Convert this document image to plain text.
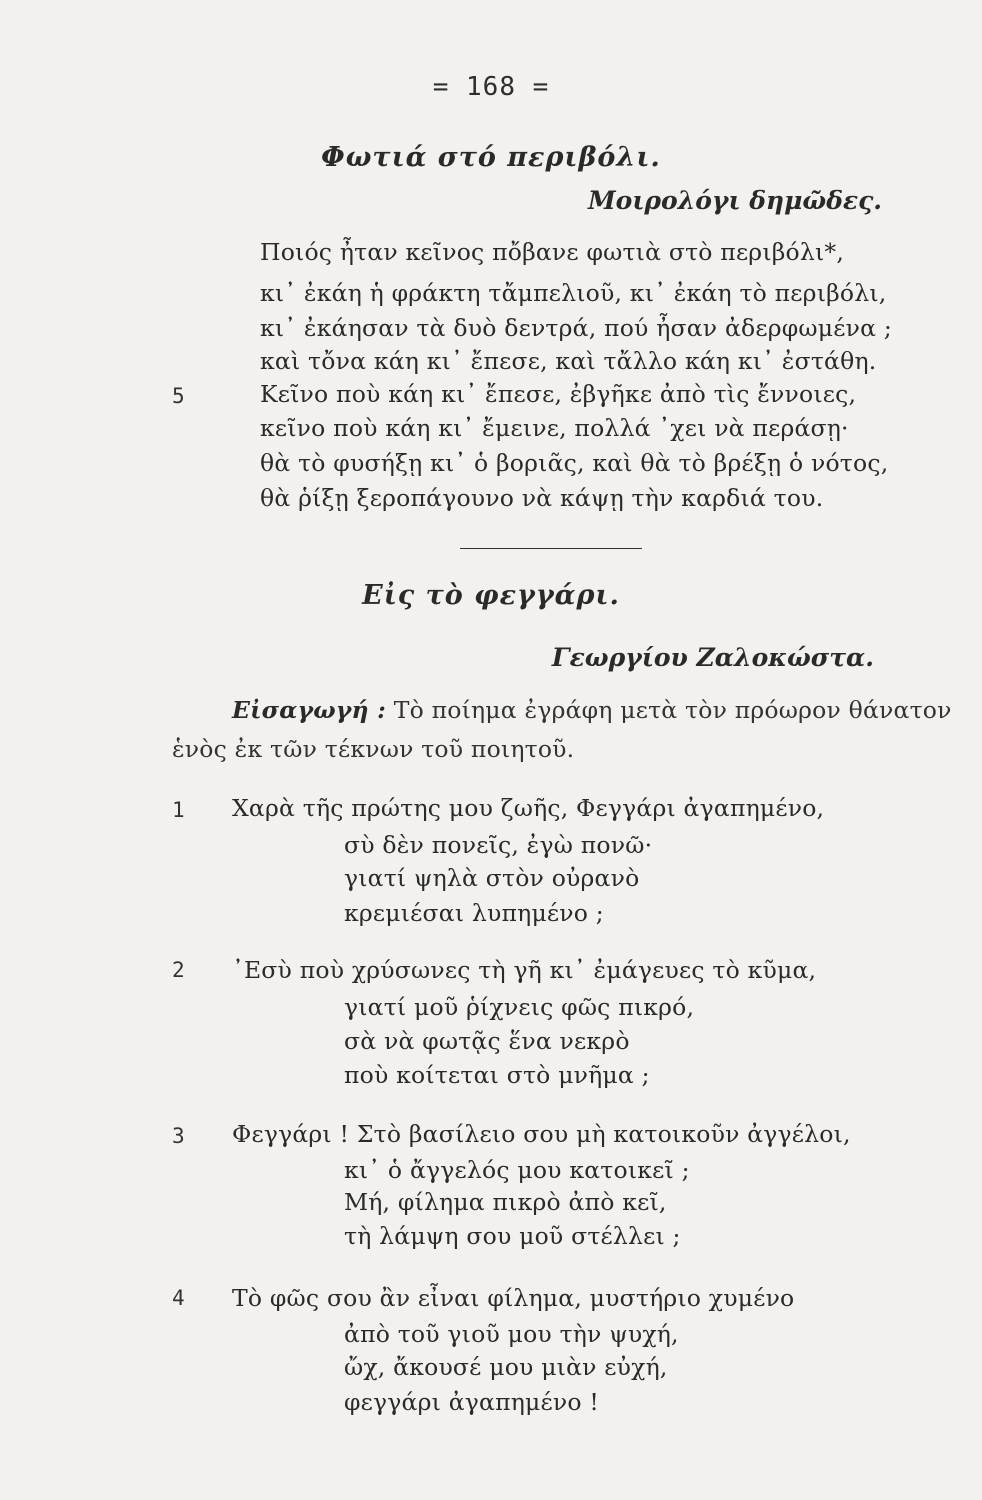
= 168 =
Φωτιά στό περιβόλι.
Μοιρολόγι δημῶδες.
Ποιός ἦταν κεῖνος πὄβανε φωτιὰ στὸ περιβόλι*,
κι᾿ ἐκάη ἡ φράκτη τἄμπελιοῦ, κι᾿ ἐκάη τὸ περιβόλι,
κι᾿ ἐκάησαν τὰ δυὸ δεντρά, πού ἦσαν ἀδερφωμένα ;
καὶ τὄνα κάη κι᾿ ἔπεσε, καὶ τἄλλο κάη κι᾿ ἐστάθη.
5	Κεῖνο ποὺ κάη κι᾿ ἔπεσε, ἐβγῆκε ἀπὸ τὶς ἔννοιες,
κεῖνο ποὺ κάη κι᾿ ἔμεινε, πολλά ᾿χει νὰ περάσῃ·
θὰ τὸ φυσήξῃ κι᾿ ὁ βοριᾶς, καὶ θὰ τὸ βρέξῃ ὁ νότος,
θὰ ῥίξῃ ξεροπάγουνο νὰ κάψῃ τὴν καρδιά του.
Εἰς τὸ φεγγάρι.
Γεωργίου Ζαλοκώστα.
Εἰσαγωγή : Τὸ ποίημα ἐγράφη μετὰ τὸν πρόωρον θάνατον
ἑνὸς ἐκ τῶν τέκνων τοῦ ποιητοῦ.
1 Χαρὰ τῆς πρώτης μου ζωῆς, Φεγγάρι ἀγαπημένο,
σὺ δὲν πονεῖς, ἐγὼ πονῶ·
γιατί ψηλὰ στὸν οὐρανὸ
κρεμιέσαι λυπημένο ;
2 ᾿Εσὺ ποὺ χρύσωνες τὴ γῆ κι᾿ ἐμάγευες τὸ κῦμα,
γιατί μοῦ ῥίχνεις φῶς πικρό,
σὰ νὰ φωτᾷς ἕνα νεκρὸ
ποὺ κοίτεται στὸ μνῆμα ;
3 Φεγγάρι ! Στὸ βασίλειο σου μὴ κατοικοῦν ἀγγέλοι,
κι᾿ ὁ ἄγγελός μου κατοικεῖ ;
Μή, φίλημα πικρὸ ἀπὸ κεῖ,
τὴ λάμψη σου μοῦ στέλλει ;
4 Τὸ φῶς σου ἂν εἶναι φίλημα, μυστήριο χυμένο
ἀπὸ τοῦ γιοῦ μου τὴν ψυχή,
ὤχ, ἄκουσέ μου μιὰν εὐχή,
φεγγάρι ἀγαπημένο !
